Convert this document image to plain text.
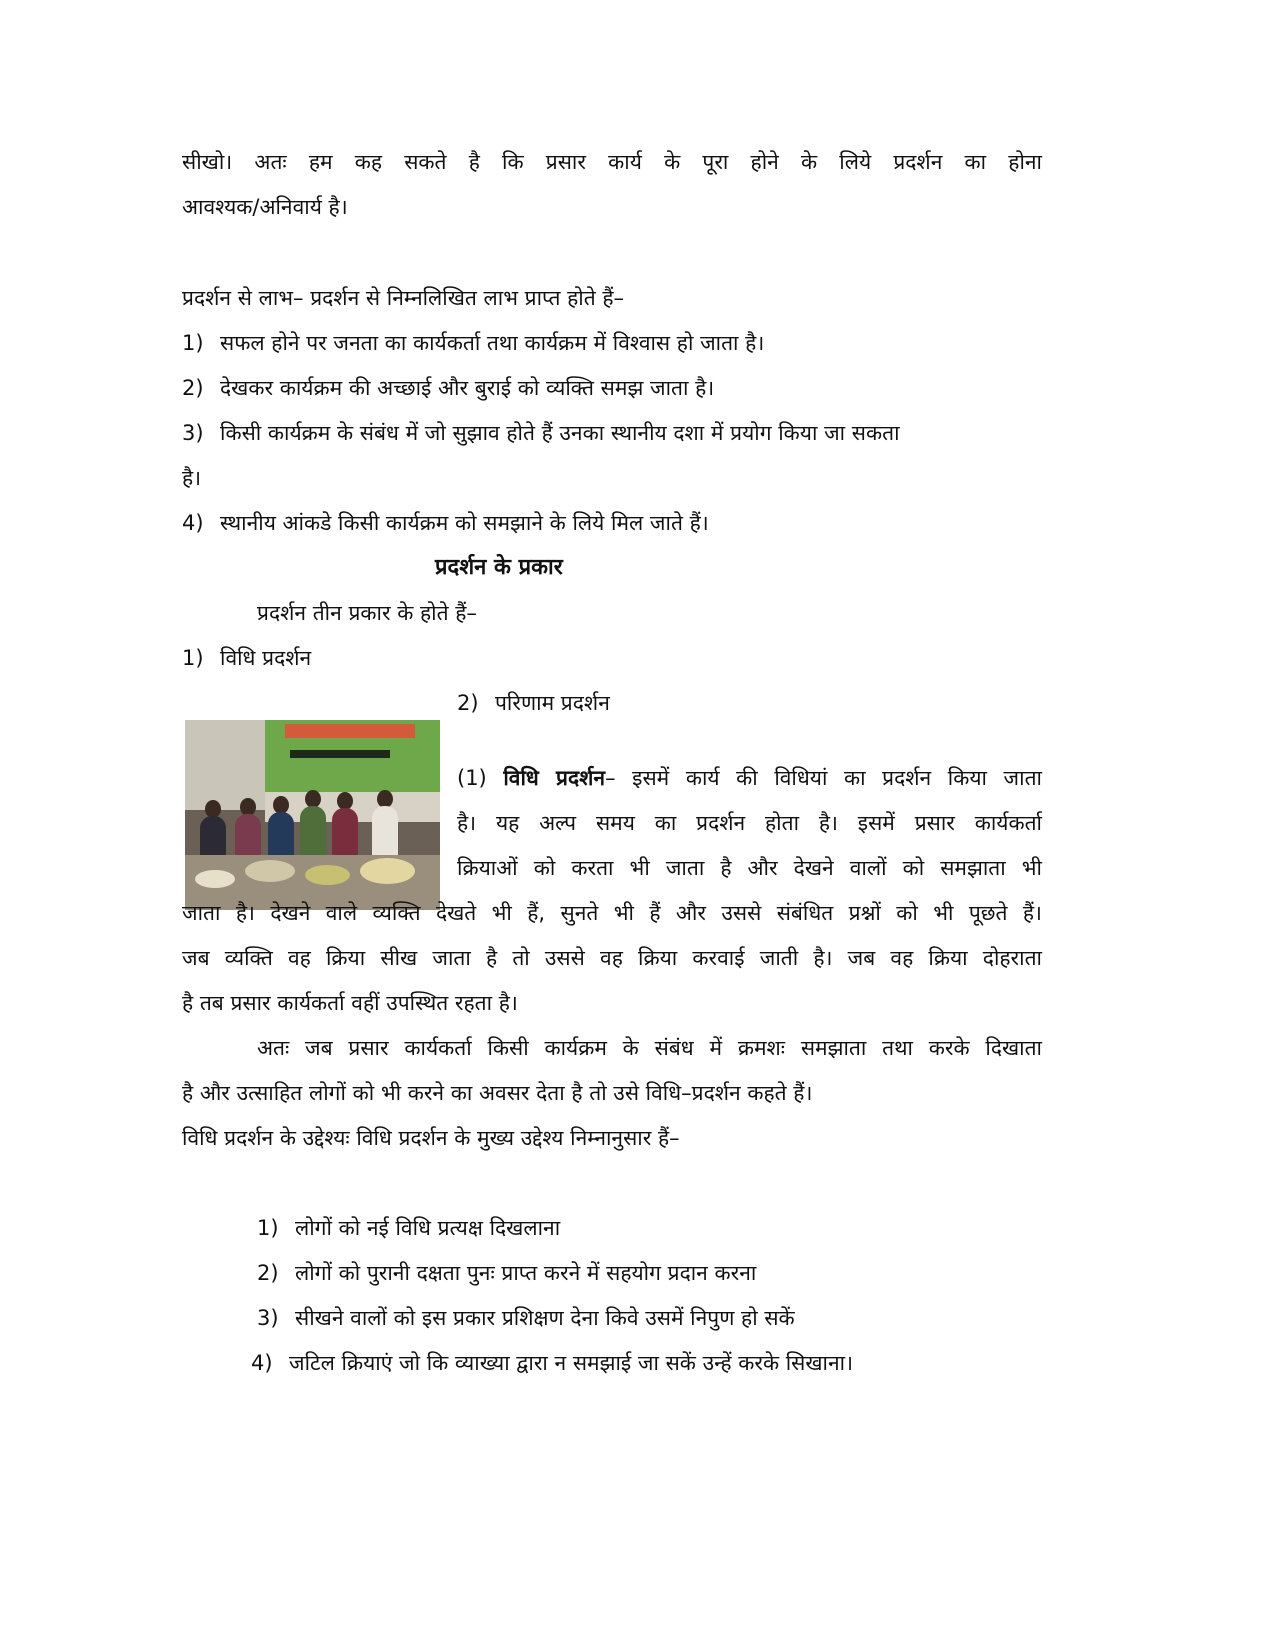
सीखो। अतः हम कह सकते है कि प्रसार कार्य के पूरा होने के लिये प्रदर्शन का होना
आवश्यक/अनिवार्य है।
प्रदर्शन से लाभ– प्रदर्शन से निम्नलिखित लाभ प्राप्त होते हैं–
1) सफल होने पर जनता का कार्यकर्ता तथा कार्यक्रम में विश्वास हो जाता है।
2) देखकर कार्यक्रम की अच्छाई और बुराई को व्यक्ति समझ जाता है।
3) किसी कार्यक्रम के संबंध में जो सुझाव होते हैं उनका स्थानीय दशा में प्रयोग किया जा सकता
है।
4) स्थानीय आंकडे किसी कार्यक्रम को समझाने के लिये मिल जाते हैं।
प्रदर्शन के प्रकार
प्रदर्शन तीन प्रकार के होते हैं–
1) विधि प्रदर्शन
2) परिणाम प्रदर्शन
(1) विधि प्रदर्शन– इसमें कार्य की विधियां का प्रदर्शन किया जाता
है। यह अल्प समय का प्रदर्शन होता है। इसमें प्रसार कार्यकर्ता
क्रियाओं को करता भी जाता है और देखने वालों को समझाता भी
जाता है। देखने वाले व्यक्ति देखते भी हैं, सुनते भी हैं और उससे संबंधित प्रश्नों को भी पूछते हैं।
जब व्यक्ति वह क्रिया सीख जाता है तो उससे वह क्रिया करवाई जाती है। जब वह क्रिया दोहराता
है तब प्रसार कार्यकर्ता वहीं उपस्थित रहता है।
अतः जब प्रसार कार्यकर्ता किसी कार्यक्रम के संबंध में क्रमशः समझाता तथा करके दिखाता
है और उत्साहित लोगों को भी करने का अवसर देता है तो उसे विधि–प्रदर्शन कहते हैं।
विधि प्रदर्शन के उद्देश्यः विधि प्रदर्शन के मुख्य उद्देश्य निम्नानुसार हैं–
1) लोगों को नई विधि प्रत्यक्ष दिखलाना
2) लोगों को पुरानी दक्षता पुनः प्राप्त करने में सहयोग प्रदान करना
3) सीखने वालों को इस प्रकार प्रशिक्षण देना किवे उसमें निपुण हो सकें
4) जटिल क्रियाएं जो कि व्याख्या द्वारा न समझाई जा सकें उन्हें करके सिखाना।
